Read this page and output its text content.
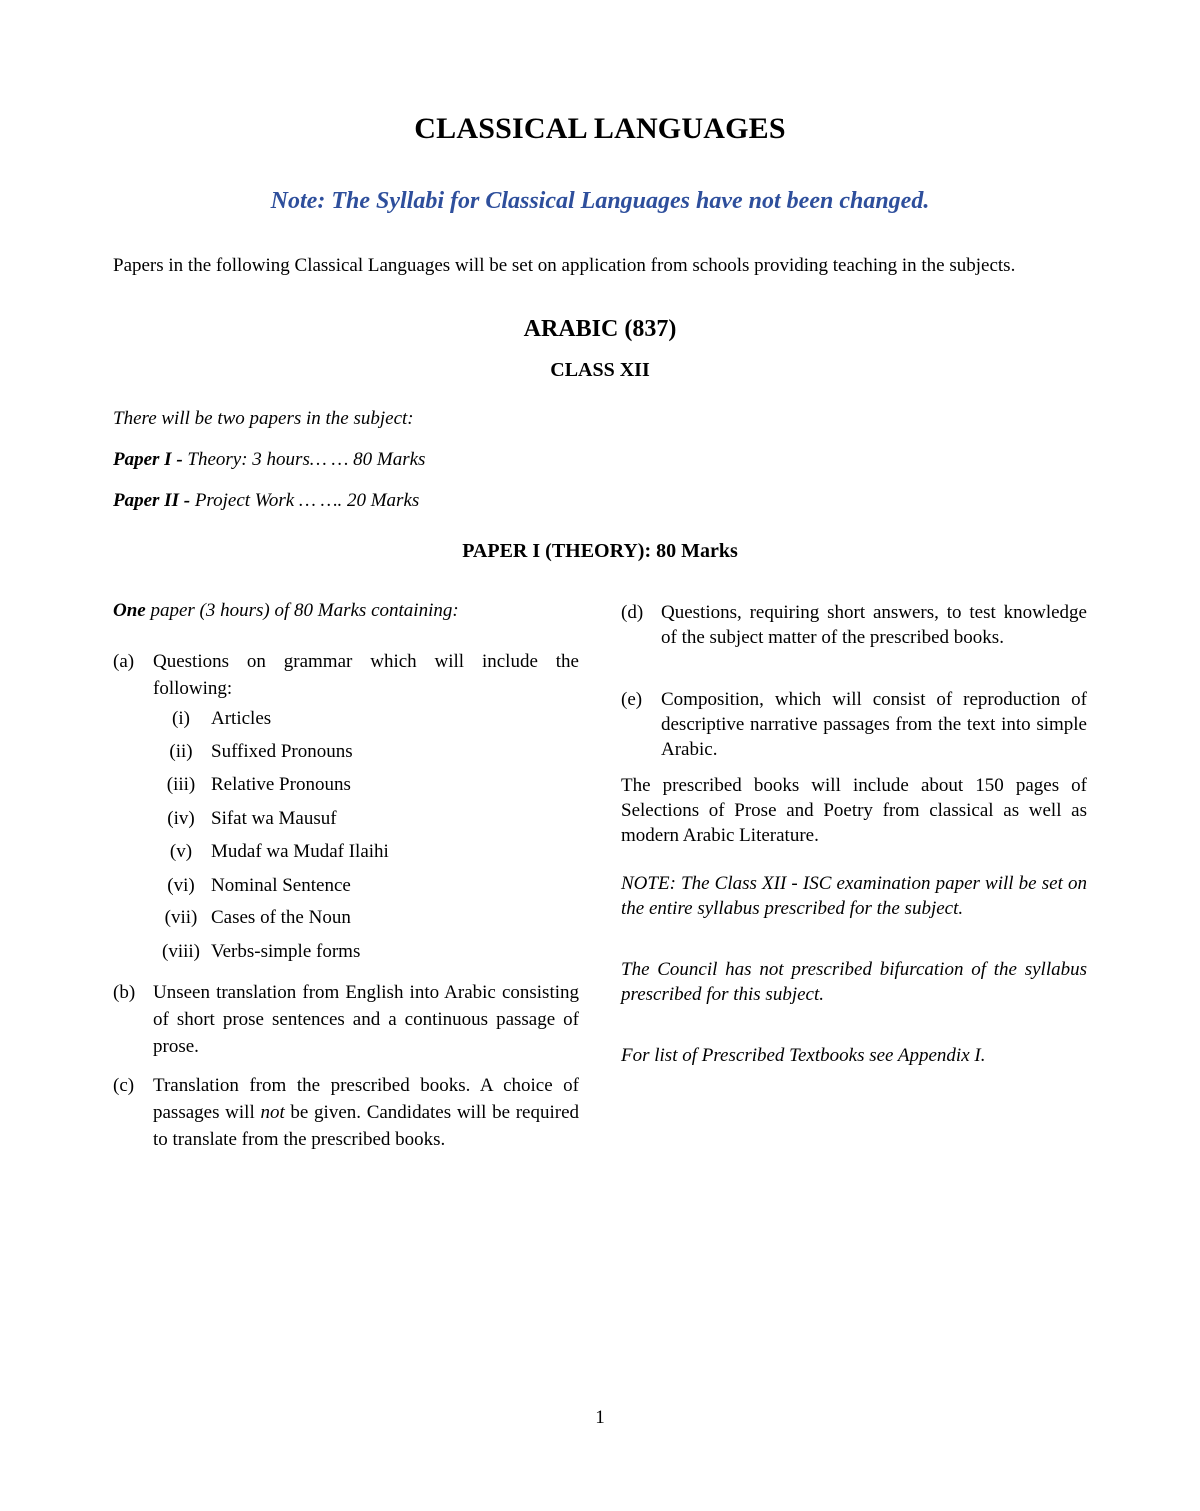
CLASSICAL LANGUAGES
Note: The Syllabi for Classical Languages have not been changed.
Papers in the following Classical Languages will be set on application from schools providing teaching in the subjects.
ARABIC (837)
CLASS XII
There will be two papers in the subject:
Paper I - Theory: 3 hours… … 80 Marks
Paper II - Project Work … …. 20 Marks
PAPER I (THEORY): 80 Marks

One paper (3 hours) of 80 Marks containing:

(a) Questions on grammar which will include the following:
(i)	Articles
(ii) Suffixed Pronouns
(iii) Relative Pronouns
(iv) Sifat wa Mausuf
(v) Mudaf wa Mudaf Ilaihi
(vi) Nominal Sentence
(vii) Cases of the Noun
(viii) Verbs-simple forms
(b) Unseen translation from English into Arabic consisting of short prose sentences and a continuous passage of prose.
(c) Translation from the prescribed books. A choice of passages will not be given. Candidates will be required to translate from the prescribed books.
(d) Questions, requiring short answers, to test knowledge of the subject matter of the prescribed books.
(e) Composition, which will consist of reproduction of descriptive narrative passages from the text into simple Arabic.
The prescribed books will include about 150 pages of Selections of Prose and Poetry from classical as well as modern Arabic Literature.
NOTE: The Class XII - ISC examination paper will be set on the entire syllabus prescribed for the subject.
The Council has not prescribed bifurcation of the syllabus prescribed for this subject.
For list of Prescribed Textbooks see Appendix I.
1
